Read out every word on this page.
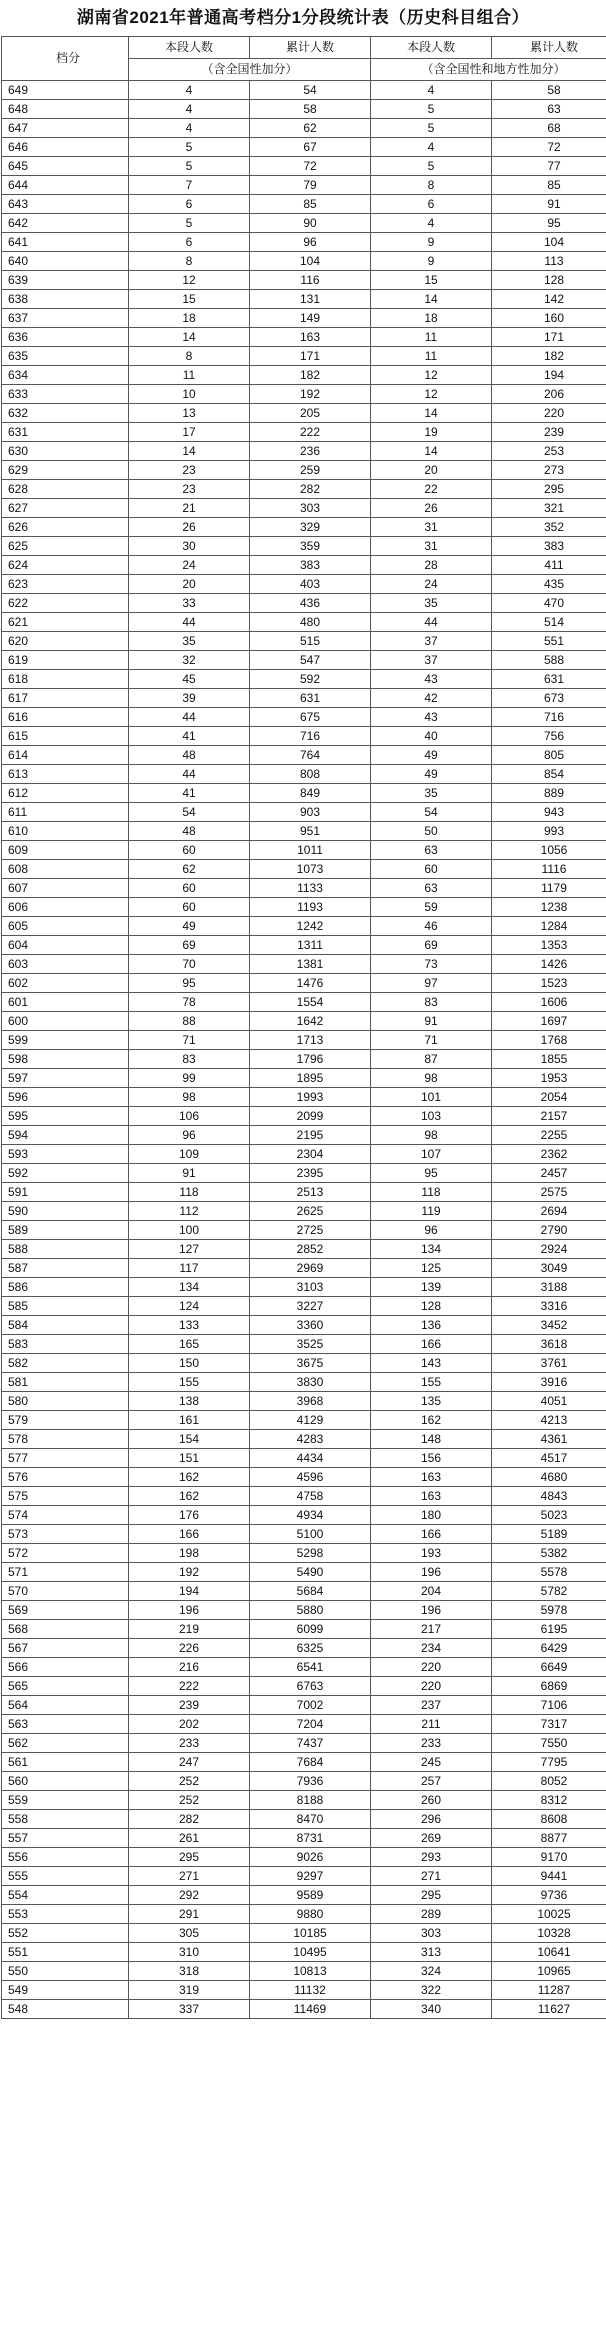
湖南省2021年普通高考档分1分段统计表（历史科目组合）
档分	本段人数	累计人数	本段人数	累计人数
	（含全国性加分）		（含全国性和地方性加分）	
649	4	54	4	58
648	4	58	5	63
647	4	62	5	68
646	5	67	4	72
645	5	72	5	77
644	7	79	8	85
643	6	85	6	91
642	5	90	4	95
641	6	96	9	104
640	8	104	9	113
639	12	116	15	128
638	15	131	14	142
637	18	149	18	160
636	14	163	11	171
635	8	171	11	182
634	11	182	12	194
633	10	192	12	206
632	13	205	14	220
631	17	222	19	239
630	14	236	14	253
629	23	259	20	273
628	23	282	22	295
627	21	303	26	321
626	26	329	31	352
625	30	359	31	383
624	24	383	28	411
623	20	403	24	435
622	33	436	35	470
621	44	480	44	514
620	35	515	37	551
619	32	547	37	588
618	45	592	43	631
617	39	631	42	673
616	44	675	43	716
615	41	716	40	756
614	48	764	49	805
613	44	808	49	854
612	41	849	35	889
611	54	903	54	943
610	48	951	50	993
609	60	1011	63	1056
608	62	1073	60	1116
607	60	1133	63	1179
606	60	1193	59	1238
605	49	1242	46	1284
604	69	1311	69	1353
603	70	1381	73	1426
602	95	1476	97	1523
601	78	1554	83	1606
600	88	1642	91	1697
599	71	1713	71	1768
598	83	1796	87	1855
597	99	1895	98	1953
596	98	1993	101	2054
595	106	2099	103	2157
594	96	2195	98	2255
593	109	2304	107	2362
592	91	2395	95	2457
591	118	2513	118	2575
590	112	2625	119	2694
589	100	2725	96	2790
588	127	2852	134	2924
587	117	2969	125	3049
586	134	3103	139	3188
585	124	3227	128	3316
584	133	3360	136	3452
583	165	3525	166	3618
582	150	3675	143	3761
581	155	3830	155	3916
580	138	3968	135	4051
579	161	4129	162	4213
578	154	4283	148	4361
577	151	4434	156	4517
576	162	4596	163	4680
575	162	4758	163	4843
574	176	4934	180	5023
573	166	5100	166	5189
572	198	5298	193	5382
571	192	5490	196	5578
570	194	5684	204	5782
569	196	5880	196	5978
568	219	6099	217	6195
567	226	6325	234	6429
566	216	6541	220	6649
565	222	6763	220	6869
564	239	7002	237	7106
563	202	7204	211	7317
562	233	7437	233	7550
561	247	7684	245	7795
560	252	7936	257	8052
559	252	8188	260	8312
558	282	8470	296	8608
557	261	8731	269	8877
556	295	9026	293	9170
555	271	9297	271	9441
554	292	9589	295	9736
553	291	9880	289	10025
552	305	10185	303	10328
551	310	10495	313	10641
550	318	10813	324	10965
549	319	11132	322	11287
548	337	11469	340	11627
